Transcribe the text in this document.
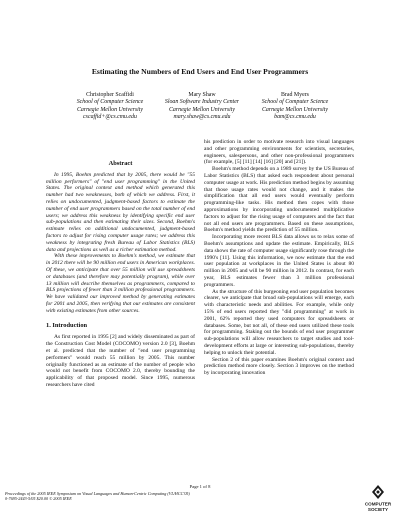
Estimating the Numbers of End Users and End User Programmers
Christopher Scaffidi
School of Computer Science
Carnegie Mellon University
cscaffid+@cs.cmu.edu
Mary Shaw
Sloan Software Industry Center
Carnegie Mellon University
mary.shaw@cs.cmu.edu
Brad Myers
School of Computer Science
Carnegie Mellon University
bam@cs.cmu.edu
Abstract

In 1995, Boehm predicted that by 2005, there would be "55 million performers" of "end user programming" in the United States. The original context and method which generated this number had two weaknesses, both of which we address. First, it relies on undocumented, judgment-based factors to estimate the number of end user programmers based on the total number of end users; we address this weakness by identifying specific end user sub-populations and then estimating their sizes. Second, Boehm's estimate relies on additional undocumented, judgment-based factors to adjust for rising computer usage rates; we address this weakness by integrating fresh Bureau of Labor Statistics (BLS) data and projections as well as a richer estimation method.

With these improvements to Boehm's method, we estimate that in 2012 there will be 90 million end users in American workplaces. Of these, we anticipate that over 55 million will use spreadsheets or databases (and therefore may potentially program), while over 13 million will describe themselves as programmers, compared to BLS projections of fewer than 3 million professional programmers. We have validated our improved method by generating estimates for 2001 and 2005, then verifying that our estimates are consistent with existing estimates from other sources.

1. Introduction

As first reported in 1995 [2] and widely disseminated as part of the Construction Cost Model (COCOMO) version 2.0 [3], Boehm et al. predicted that the number of "end user programming performers" would reach 55 million by 2005. This number originally functioned as an estimate of the number of people who would not benefit from COCOMO 2.0, thereby bounding the applicability of that proposed model. Since 1995, numerous researchers have cited

his prediction in order to motivate research into visual languages and other programming environments for scientists, secretaries, engineers, salespersons, and other non-professional programmers (for example, [5] [11] [14] [16] [20] and [21]).

Boehm's method depends on a 1989 survey by the US Bureau of Labor Statistics (BLS) that asked each respondent about personal computer usage at work. His prediction method begins by assuming that those usage rates would not change, and it makes the simplification that all end users would eventually perform programming-like tasks. His method then copes with those approximations by incorporating undocumented multiplicative factors to adjust for the rising usage of computers and the fact that not all end users are programmers. Based on these assumptions, Boehm's method yields the prediction of 55 million.

Incorporating more recent BLS data allows us to relax some of Boehm's assumptions and update the estimate. Empirically, BLS data shows the rate of computer usage significantly rose through the 1990's [11]. Using this information, we now estimate that the end user population at workplaces in the United States is about 80 million in 2005 and will be 90 million in 2012. In contrast, for each year, BLS estimates fewer than 3 million professional programmers.

As the structure of this burgeoning end user population becomes clearer, we anticipate that broad sub-populations will emerge, each with characteristic needs and abilities. For example, while only 15% of end users reported they "did programming" at work in 2001, 62% reported they used computers for spreadsheets or databases. Some, but not all, of these end users utilized these tools for programming. Staking out the bounds of end user programmer sub-populations will allow researchers to target studies and tool-development efforts at large or interesting sub-populations, thereby helping to unlock their potential.

Section 2 of this paper examines Boehm's original context and prediction method more closely. Section 3 improves on the method by incorporating innovation

Page 1 of 8
Proceedings of the 2005 IEEE Symposium on Visual Languages and Human-Centric Computing (VL/HCC'05)
0-7695-2443-5/05 $20.00 © 2005 IEEE
COMPUTER
SOCIETY
